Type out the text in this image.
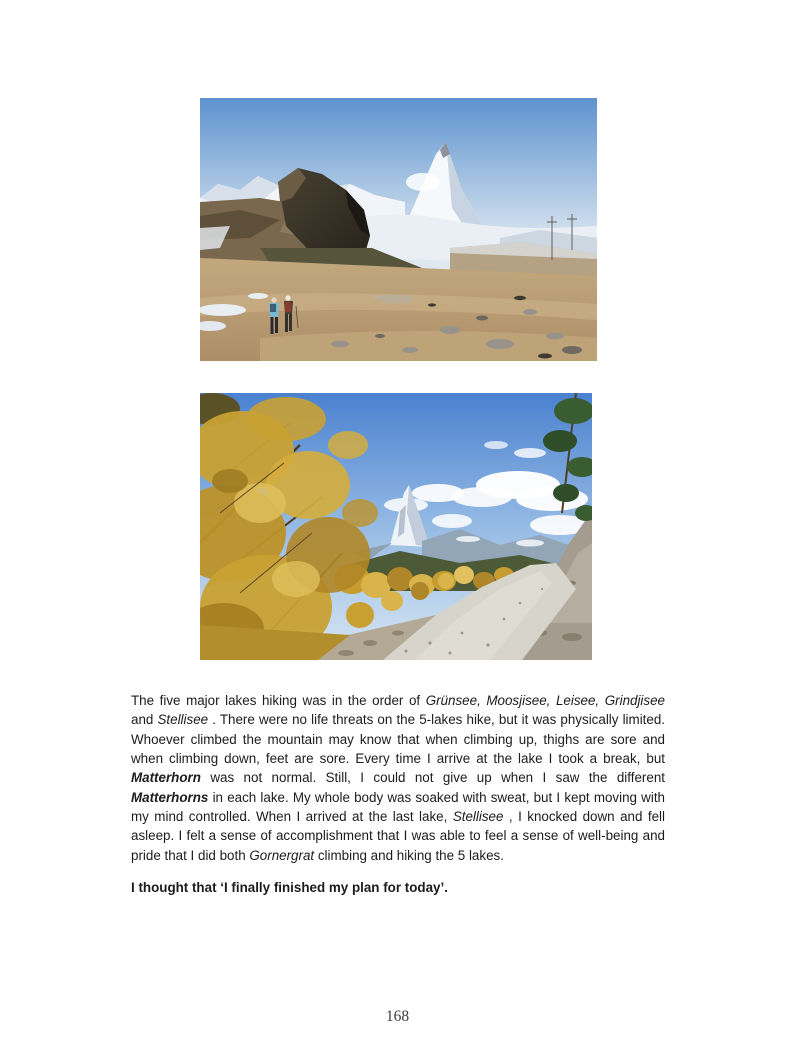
The five major lakes hiking was in the order of Grünsee, Moosjisee, Leisee, Grindjisee and Stellisee . There were no life threats on the 5-lakes hike, but it was physically limited. Whoever climbed the mountain may know that when climbing up, thighs are sore and when climbing down, feet are sore. Every time I arrive at the lake I took a break, but Matterhorn was not normal. Still, I could not give up when I saw the different Matterhorns in each lake. My whole body was soaked with sweat, but I kept moving with my mind controlled. When I arrived at the last lake, Stellisee , I knocked down and fell asleep. I felt a sense of accomplishment that I was able to feel a sense of well-being and pride that I did both Gornergrat climbing and hiking the 5 lakes.

I thought that ‘I finally finished my plan for today’.

168
